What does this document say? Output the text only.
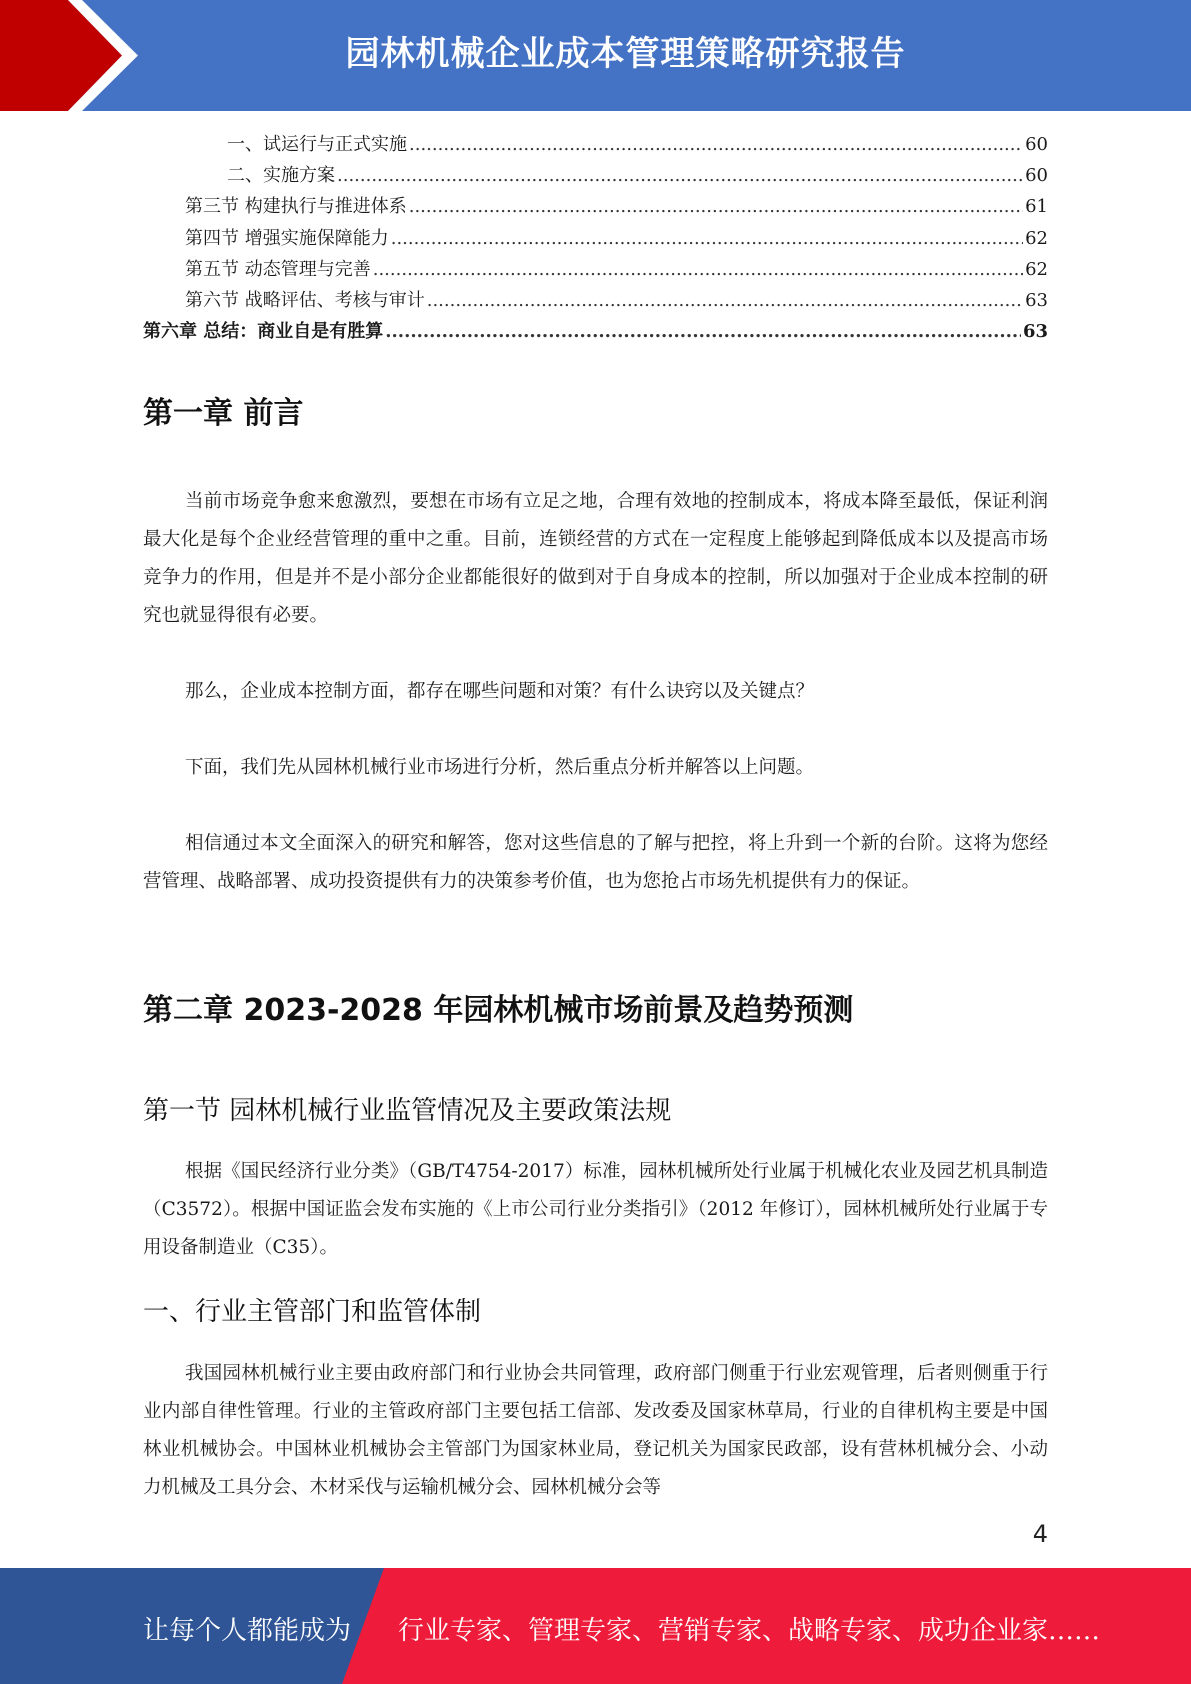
园林机械企业成本管理策略研究报告
一、试运行与正式实施 .....	60
二、实施方案 .....	60
第三节 构建执行与推进体系 .....	61
第四节 增强实施保障能力 .....	62
第五节 动态管理与完善 .....	62
第六节 战略评估、考核与审计 .....	63
第六章 总结：商业自是有胜算 .....	63
第一章 前言

当前市场竞争愈来愈激烈，要想在市场有立足之地，合理有效地的控制成本，将成本降至最低，保证利润最大化是每个企业经营管理的重中之重。目前，连锁经营的方式在一定程度上能够起到降低成本以及提高市场竞争力的作用，但是并不是小部分企业都能很好的做到对于自身成本的控制，所以加强对于企业成本控制的研究也就显得很有必要。

那么，企业成本控制方面，都存在哪些问题和对策？有什么诀窍以及关键点？

下面，我们先从园林机械行业市场进行分析，然后重点分析并解答以上问题。

相信通过本文全面深入的研究和解答，您对这些信息的了解与把控，将上升到一个新的台阶。这将为您经营管理、战略部署、成功投资提供有力的决策参考价值，也为您抢占市场先机提供有力的保证。

第二章 2023-2028 年园林机械市场前景及趋势预测
第一节 园林机械行业监管情况及主要政策法规

根据《国民经济行业分类》（GB/T4754-2017）标准，园林机械所处行业属于机械化农业及园艺机具制造（C3572）。根据中国证监会发布实施的《上市公司行业分类指引》（2012 年修订），园林机械所处行业属于专用设备制造业（C35）。

一、行业主管部门和监管体制

我国园林机械行业主要由政府部门和行业协会共同管理，政府部门侧重于行业宏观管理，后者则侧重于行业内部自律性管理。行业的主管政府部门主要包括工信部、发改委及国家林草局，行业的自律机构主要是中国林业机械协会。中国林业机械协会主管部门为国家林业局，登记机关为国家民政部，设有营林机械分会、小动力机械及工具分会、木材采伐与运输机械分会、园林机械分会等

4
让每个人都能成为 行业专家、管理专家、营销专家、战略专家、成功企业家……
